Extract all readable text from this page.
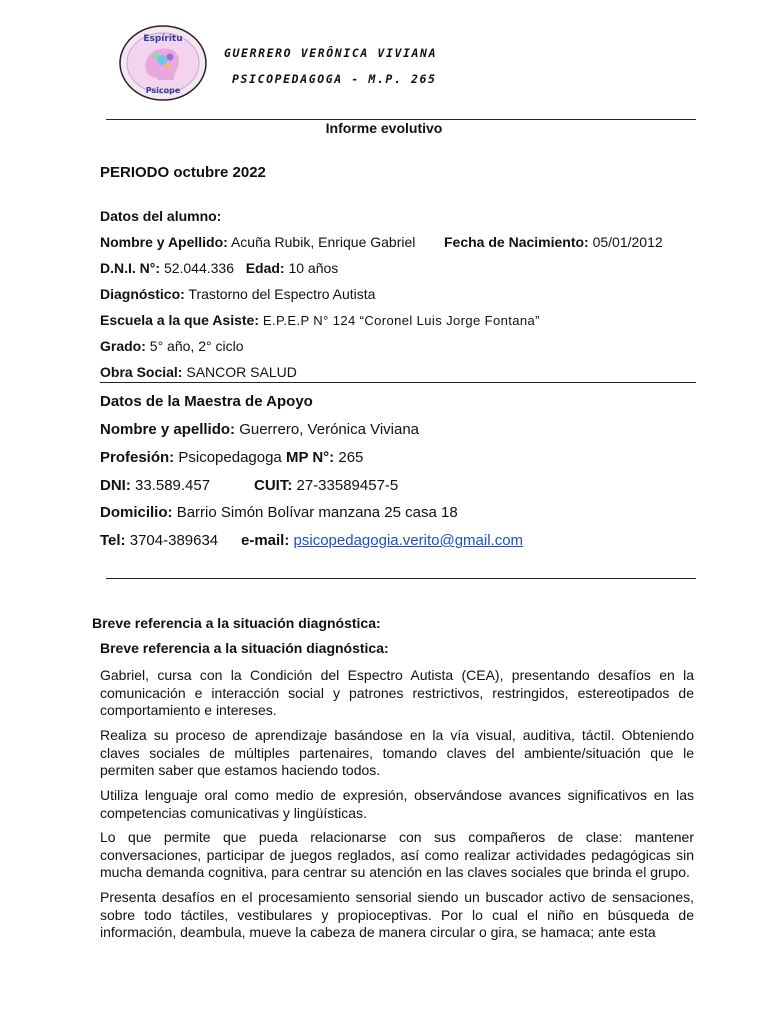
Espíritu
Psicope
GUERRERO VERÔNICA VIVIANA
PSICOPEDAGOGA - M.P. 265
Informe evolutivo
PERIODO octubre 2022
Datos del alumno:
Nombre y Apellido: Acuña Rubik, Enrique Gabriel Fecha de Nacimiento: 05/01/2012
D.N.I. N°: 52.044.336 Edad: 10 años
Diagnóstico: Trastorno del Espectro Autista
Escuela a la que Asiste: E.P.E.P N° 124 “Coronel Luis Jorge Fontana”
Grado: 5° año, 2° ciclo
Obra Social: SANCOR SALUD
Datos de la Maestra de Apoyo
Nombre y apellido: Guerrero, Verónica Viviana
Profesión: Psicopedagoga MP N°: 265
DNI: 33.589.457	CUIT: 27-33589457-5
Domicilio: Barrio Simón Bolívar manzana 25 casa 18
Tel: 3704-389634 e-mail: psicopedagogia.verito@gmail.com
Breve referencia a la situación diagnóstica:
Breve referencia a la situación diagnóstica:
Gabriel, cursa con la Condición del Espectro Autista (CEA), presentando desafíos en la comunicación e interacción social y patrones restrictivos, restringidos, estereotipados de comportamiento e intereses.
Realiza su proceso de aprendizaje basándose en la vía visual, auditiva, táctil. Obteniendo claves sociales de múltiples partenaires, tomando claves del ambiente/situación que le permiten saber que estamos haciendo todos.
Utiliza lenguaje oral como medio de expresión, observándose avances significativos en las competencias comunicativas y lingüísticas.
Lo que permite que pueda relacionarse con sus compañeros de clase: mantener conversaciones, participar de juegos reglados, así como realizar actividades pedagógicas sin mucha demanda cognitiva, para centrar su atención en las claves sociales que brinda el grupo.
Presenta desafíos en el procesamiento sensorial siendo un buscador activo de sensaciones, sobre todo táctiles, vestibulares y propioceptivas. Por lo cual el niño en búsqueda de información, deambula, mueve la cabeza de manera circular o gira, se hamaca; ante esta
